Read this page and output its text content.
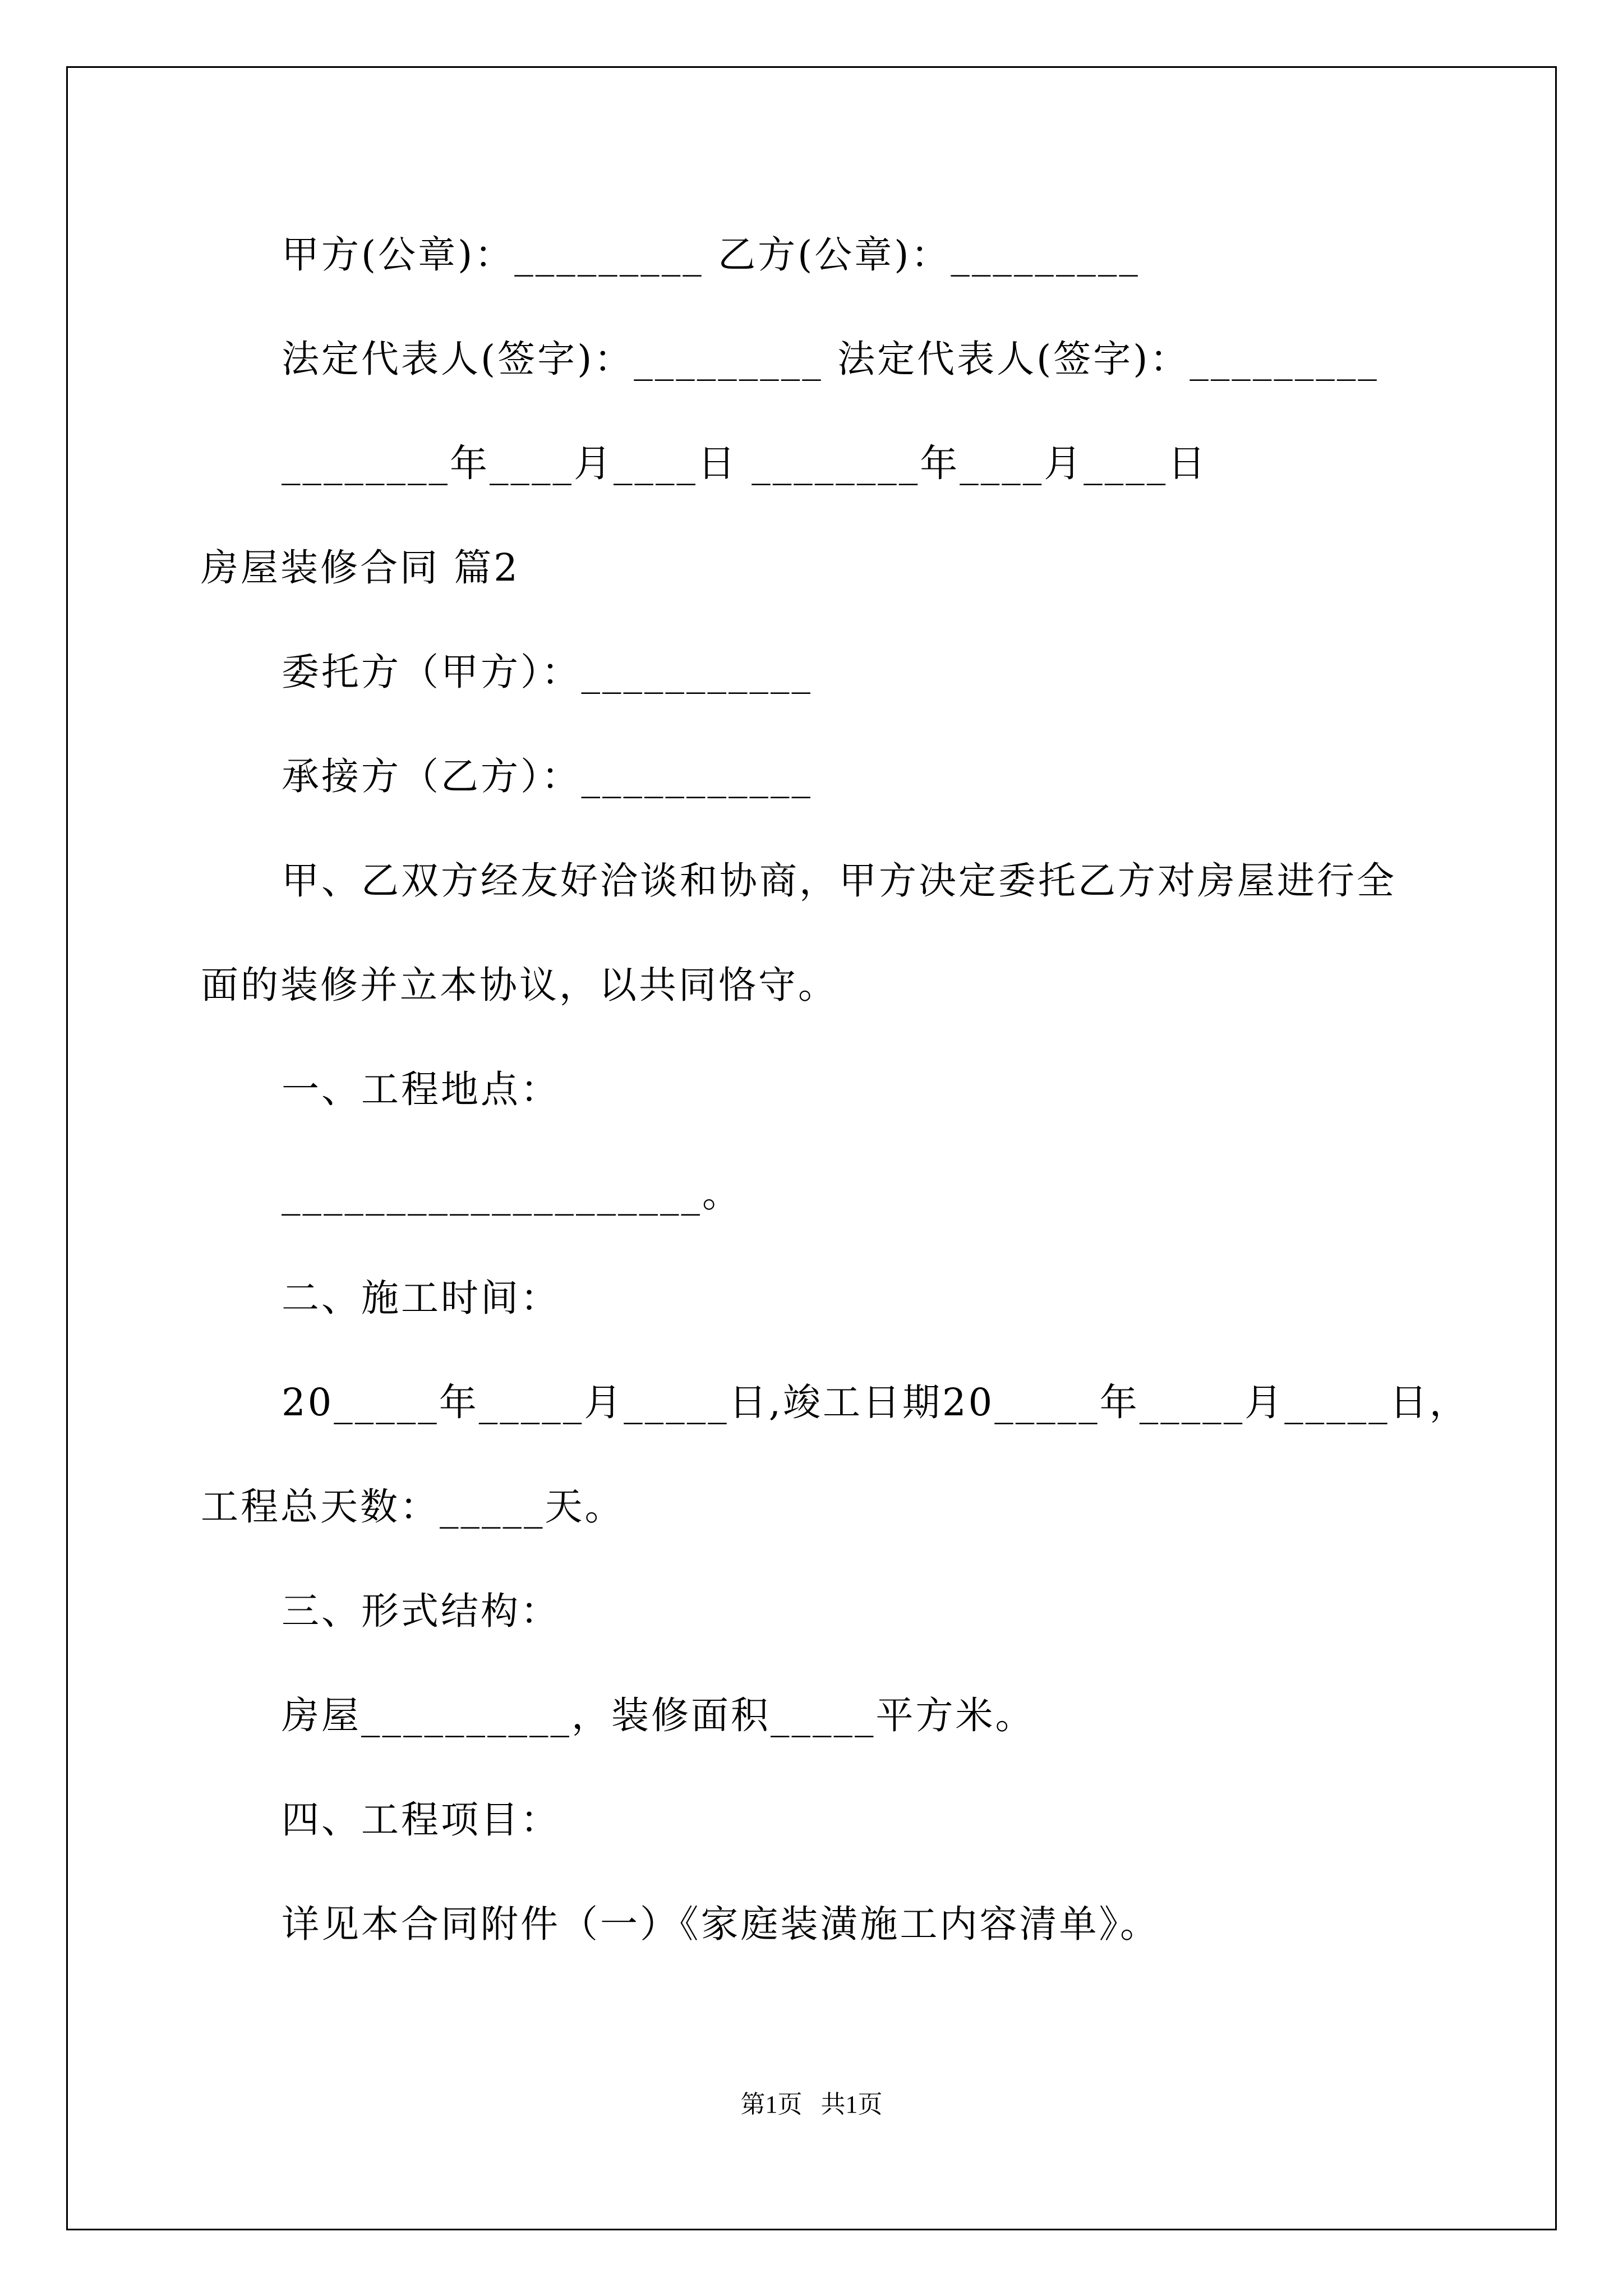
甲方(公章)：_________ 乙方(公章)：_________
法定代表人(签字)：_________ 法定代表人(签字)：_________
________年____月____日 ________年____月____日
房屋装修合同 篇2
委托方（甲方）：___________
承接方（乙方）：___________
甲、乙双方经友好洽谈和协商，甲方决定委托乙方对房屋进行全
面的装修并立本协议，以共同恪守。
一、工程地点：
____________________。
二、施工时间：
20_____年_____月_____日,竣工日期20_____年_____月_____日，
工程总天数：_____天。
三、形式结构：
房屋__________，装修面积_____平方米。
四、工程项目：
详见本合同附件（一）《家庭装潢施工内容清单》。
第1页   共1页
